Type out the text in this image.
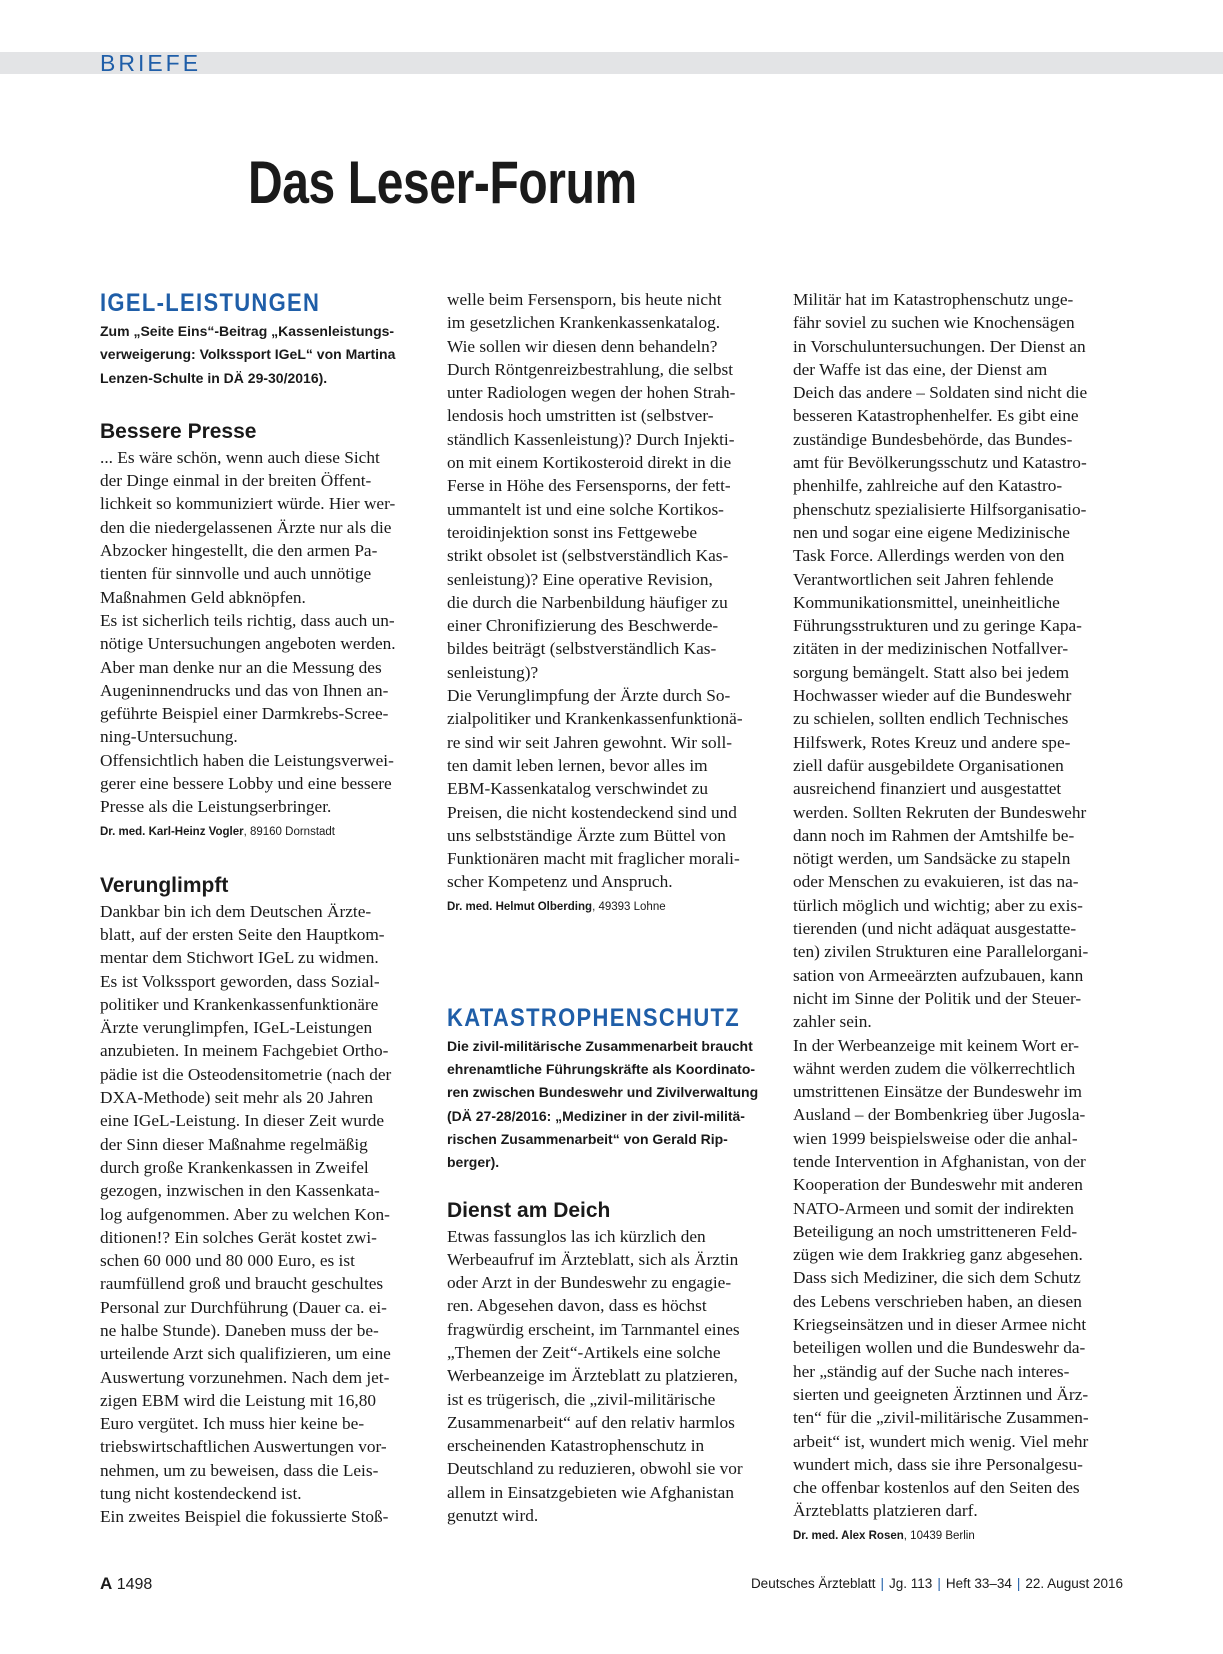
BRIEFE
Das Leser-Forum
IGEL-LEISTUNGEN
Zum „Seite Eins“-Beitrag „Kassenleistungs-
verweigerung: Volkssport IGeL“ von Martina
Lenzen-Schulte in DÄ 29-30/2016).
Bessere Presse
... Es wäre schön, wenn auch diese Sicht
der Dinge einmal in der breiten Öffent-
lichkeit so kommuniziert würde. Hier wer-
den die niedergelassenen Ärzte nur als die
Abzocker hingestellt, die den armen Pa-
tienten für sinnvolle und auch unnötige
Maßnahmen Geld abknöpfen.
Es ist sicherlich teils richtig, dass auch un-
nötige Untersuchungen angeboten werden.
Aber man denke nur an die Messung des
Augeninnendrucks und das von Ihnen an-
geführte Beispiel einer Darmkrebs-Scree-
ning-Untersuchung.
Offensichtlich haben die Leistungsverwei-
gerer eine bessere Lobby und eine bessere
Presse als die Leistungserbringer.
Dr. med. Karl-Heinz Vogler, 89160 Dornstadt
Verunglimpft
Dankbar bin ich dem Deutschen Ärzte-
blatt, auf der ersten Seite den Hauptkom-
mentar dem Stichwort IGeL zu widmen.
Es ist Volkssport geworden, dass Sozial-
politiker und Krankenkassenfunktionäre
Ärzte verunglimpfen, IGeL-Leistungen
anzubieten. In meinem Fachgebiet Ortho-
pädie ist die Osteodensitometrie (nach der
DXA-Methode) seit mehr als 20 Jahren
eine IGeL-Leistung. In dieser Zeit wurde
der Sinn dieser Maßnahme regelmäßig
durch große Krankenkassen in Zweifel
gezogen, inzwischen in den Kassenkata-
log aufgenommen. Aber zu welchen Kon-
ditionen!? Ein solches Gerät kostet zwi-
schen 60 000 und 80 000 Euro, es ist
raumfüllend groß und braucht geschultes
Personal zur Durchführung (Dauer ca. ei-
ne halbe Stunde). Daneben muss der be-
urteilende Arzt sich qualifizieren, um eine
Auswertung vorzunehmen. Nach dem jet-
zigen EBM wird die Leistung mit 16,80
Euro vergütet. Ich muss hier keine be-
triebswirtschaftlichen Auswertungen vor-
nehmen, um zu beweisen, dass die Leis-
tung nicht kostendeckend ist.
Ein zweites Beispiel die fokussierte Stoß-
welle beim Fersensporn, bis heute nicht
im gesetzlichen Krankenkassenkatalog.
Wie sollen wir diesen denn behandeln?
Durch Röntgenreizbestrahlung, die selbst
unter Radiologen wegen der hohen Strah-
lendosis hoch umstritten ist (selbstver-
ständlich Kassenleistung)? Durch Injekti-
on mit einem Kortikosteroid direkt in die
Ferse in Höhe des Fersensporns, der fett-
ummantelt ist und eine solche Kortikos-
teroidinjektion sonst ins Fettgewebe
strikt obsolet ist (selbstverständlich Kas-
senleistung)? Eine operative Revision,
die durch die Narbenbildung häufiger zu
einer Chronifizierung des Beschwerde-
bildes beiträgt (selbstverständlich Kas-
senleistung)?
Die Verunglimpfung der Ärzte durch So-
zialpolitiker und Krankenkassenfunktionä-
re sind wir seit Jahren gewohnt. Wir soll-
ten damit leben lernen, bevor alles im
EBM-Kassenkatalog verschwindet zu
Preisen, die nicht kostendeckend sind und
uns selbstständige Ärzte zum Büttel von
Funktionären macht mit fraglicher morali-
scher Kompetenz und Anspruch.
Dr. med. Helmut Olberding, 49393 Lohne
KATASTROPHENSCHUTZ
Die zivil-militärische Zusammenarbeit braucht
ehrenamtliche Führungskräfte als Koordinato-
ren zwischen Bundeswehr und Zivilverwaltung
(DÄ 27-28/2016: „Mediziner in der zivil-militä-
rischen Zusammenarbeit“ von Gerald Rip-
berger).
Dienst am Deich
Etwas fassunglos las ich kürzlich den
Werbeaufruf im Ärzteblatt, sich als Ärztin
oder Arzt in der Bundeswehr zu engagie-
ren. Abgesehen davon, dass es höchst
fragwürdig erscheint, im Tarnmantel eines
„Themen der Zeit“-Artikels eine solche
Werbeanzeige im Ärzteblatt zu platzieren,
ist es trügerisch, die „zivil-militärische
Zusammenarbeit“ auf den relativ harmlos
erscheinenden Katastrophenschutz in
Deutschland zu reduzieren, obwohl sie vor
allem in Einsatzgebieten wie Afghanistan
genutzt wird.
Militär hat im Katastrophenschutz unge-
fähr soviel zu suchen wie Knochensägen
in Vorschuluntersuchungen. Der Dienst an
der Waffe ist das eine, der Dienst am
Deich das andere – Soldaten sind nicht die
besseren Katastrophenhelfer. Es gibt eine
zuständige Bundesbehörde, das Bundes-
amt für Bevölkerungsschutz und Katastro-
phenhilfe, zahlreiche auf den Katastro-
phenschutz spezialisierte Hilfsorganisatio-
nen und sogar eine eigene Medizinische
Task Force. Allerdings werden von den
Verantwortlichen seit Jahren fehlende
Kommunikationsmittel, uneinheitliche
Führungsstrukturen und zu geringe Kapa-
zitäten in der medizinischen Notfallver-
sorgung bemängelt. Statt also bei jedem
Hochwasser wieder auf die Bundeswehr
zu schielen, sollten endlich Technisches
Hilfswerk, Rotes Kreuz und andere spe-
ziell dafür ausgebildete Organisationen
ausreichend finanziert und ausgestattet
werden. Sollten Rekruten der Bundeswehr
dann noch im Rahmen der Amtshilfe be-
nötigt werden, um Sandsäcke zu stapeln
oder Menschen zu evakuieren, ist das na-
türlich möglich und wichtig; aber zu exis-
tierenden (und nicht adäquat ausgestatte-
ten) zivilen Strukturen eine Parallelorgani-
sation von Armeeärzten aufzubauen, kann
nicht im Sinne der Politik und der Steuer-
zahler sein.
In der Werbeanzeige mit keinem Wort er-
wähnt werden zudem die völkerrechtlich
umstrittenen Einsätze der Bundeswehr im
Ausland – der Bombenkrieg über Jugosla-
wien 1999 beispielsweise oder die anhal-
tende Intervention in Afghanistan, von der
Kooperation der Bundeswehr mit anderen
NATO-Armeen und somit der indirekten
Beteiligung an noch umstritteneren Feld-
zügen wie dem Irakkrieg ganz abgesehen.
Dass sich Mediziner, die sich dem Schutz
des Lebens verschrieben haben, an diesen
Kriegseinsätzen und in dieser Armee nicht
beteiligen wollen und die Bundeswehr da-
her „ständig auf der Suche nach interes-
sierten und geeigneten Ärztinnen und Ärz-
ten“ für die „zivil-militärische Zusammen-
arbeit“ ist, wundert mich wenig. Viel mehr
wundert mich, dass sie ihre Personalgesu-
che offenbar kostenlos auf den Seiten des
Ärzteblatts platzieren darf.
Dr. med. Alex Rosen, 10439 Berlin
A 1498	Deutsches Ärzteblatt | Jg. 113 | Heft 33–34 | 22. August 2016
